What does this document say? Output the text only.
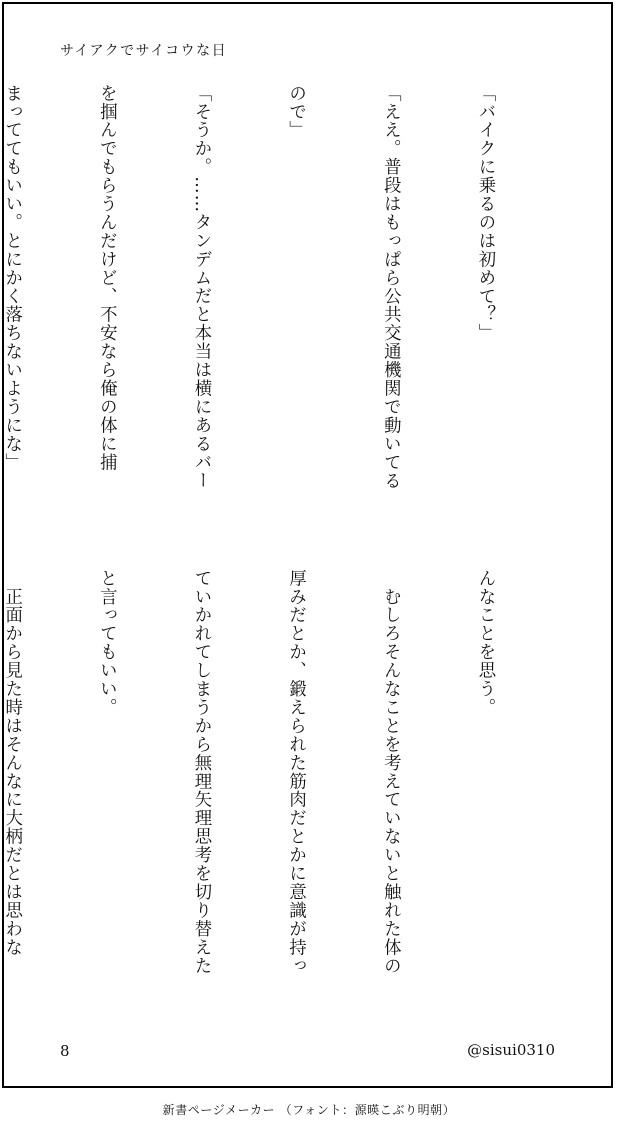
サイアクでサイコウな日

「バイクに乗るのは初めて？」

「ええ。普段はもっぱら公共交通機関で動いてる

ので」

「そうか。……タンデムだと本当は横にあるバー

を掴んでもらうんだけど、不安なら俺の体に捕

まっててもいい。とにかく落ちないようにな」

んなことを思う。

　むしろそんなことを考えていないと触れた体の

厚みだとか、鍛えられた筋肉だとかに意識が持っ

ていかれてしまうから無理矢理思考を切り替えた

と言ってもいい。

　正面から見た時はそんなに大柄だとは思わな

8	@sisui0310
新書ページメーカー （フォント：源暎こぶり明朝）
